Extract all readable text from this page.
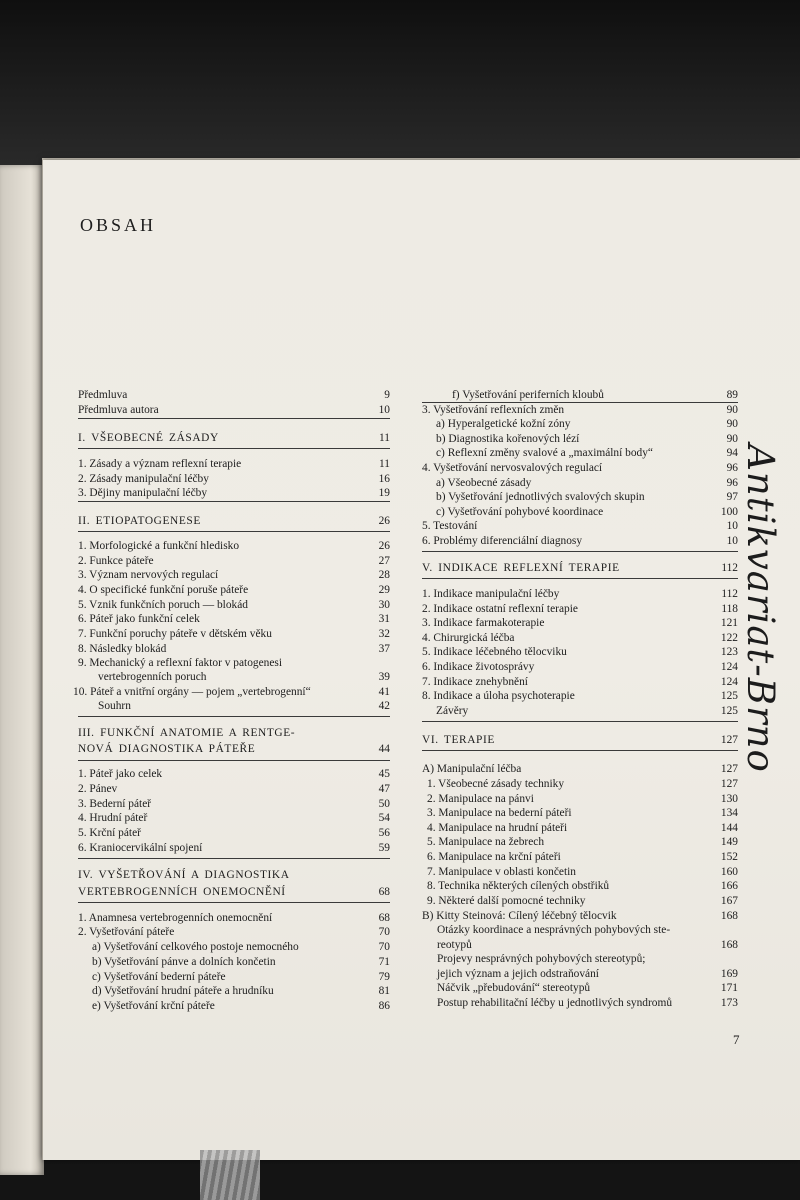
OBSAH
Předmluva	9
Předmluva autora	10
I. VŠEOBECNÉ ZÁSADY	11
1. Zásady a význam reflexní terapie	11
2. Zásady manipulační léčby	16
3. Dějiny manipulační léčby	19
II. ETIOPATOGENESE	26
1. Morfologické a funkční hledisko	26
2. Funkce páteře	27
3. Význam nervových regulací	28
4. O specifické funkční poruše páteře	29
5. Vznik funkčních poruch — blokád	30
6. Páteř jako funkční celek	31
7. Funkční poruchy páteře v dětském věku	32
8. Následky blokád	37
9. Mechanický a reflexní faktor v patogenesi
vertebrogenních poruch	39
10. Páteř a vnitřní orgány — pojem „vertebrogenní“	41
Souhrn	42
III. FUNKČNÍ ANATOMIE A RENTGE-
NOVÁ DIAGNOSTIKA PÁTEŘE	44
1. Páteř jako celek	45
2. Pánev	47
3. Bederní páteř	50
4. Hrudní páteř	54
5. Krční páteř	56
6. Kraniocervikální spojení	59
IV. VYŠETŘOVÁNÍ A DIAGNOSTIKA
VERTEBROGENNÍCH ONEMOCNĚNÍ	68
1. Anamnesa vertebrogenních onemocnění	68
2. Vyšetřování páteře	70
a) Vyšetřování celkového postoje nemocného	70
b) Vyšetřování pánve a dolních končetin	71
c) Vyšetřování bederní páteře	79
d) Vyšetřování hrudní páteře a hrudníku	81
e) Vyšetřování krční páteře	86
f) Vyšetřování periferních kloubů	89
3. Vyšetřování reflexních změn	90
a) Hyperalgetické kožní zóny	90
b) Diagnostika kořenových lézí	90
c) Reflexní změny svalové a „maximální body“	94
4. Vyšetřování nervosvalových regulací	96
a) Všeobecné zásady	96
b) Vyšetřování jednotlivých svalových skupin	97
c) Vyšetřování pohybové koordinace	100
5. Testování	10
6. Problémy diferenciální diagnosy	10
V. INDIKACE REFLEXNÍ TERAPIE	112
1. Indikace manipulační léčby	112
2. Indikace ostatní reflexní terapie	118
3. Indikace farmakoterapie	121
4. Chirurgická léčba	122
5. Indikace léčebného tělocviku	123
6. Indikace životosprávy	124
7. Indikace znehybnění	124
8. Indikace a úloha psychoterapie	125
Závěry	125
VI. TERAPIE	127
A) Manipulační léčba	127
1. Všeobecné zásady techniky	127
2. Manipulace na pánvi	130
3. Manipulace na bederní páteři	134
4. Manipulace na hrudní páteři	144
5. Manipulace na žebrech	149
6. Manipulace na krční páteři	152
7. Manipulace v oblasti končetin	160
8. Technika některých cílených obstřiků	166
9. Některé další pomocné techniky	167
B) Kitty Steinová: Cílený léčebný tělocvik	168
Otázky koordinace a nesprávných pohybových ste-
reotypů	168
Projevy nesprávných pohybových stereotypů;
jejich význam a jejich odstraňování	169
Náčvik „přebudování“ stereotypů	171
Postup rehabilitační léčby u jednotlivých syndromů	173
7
Antikvariat-Brno
